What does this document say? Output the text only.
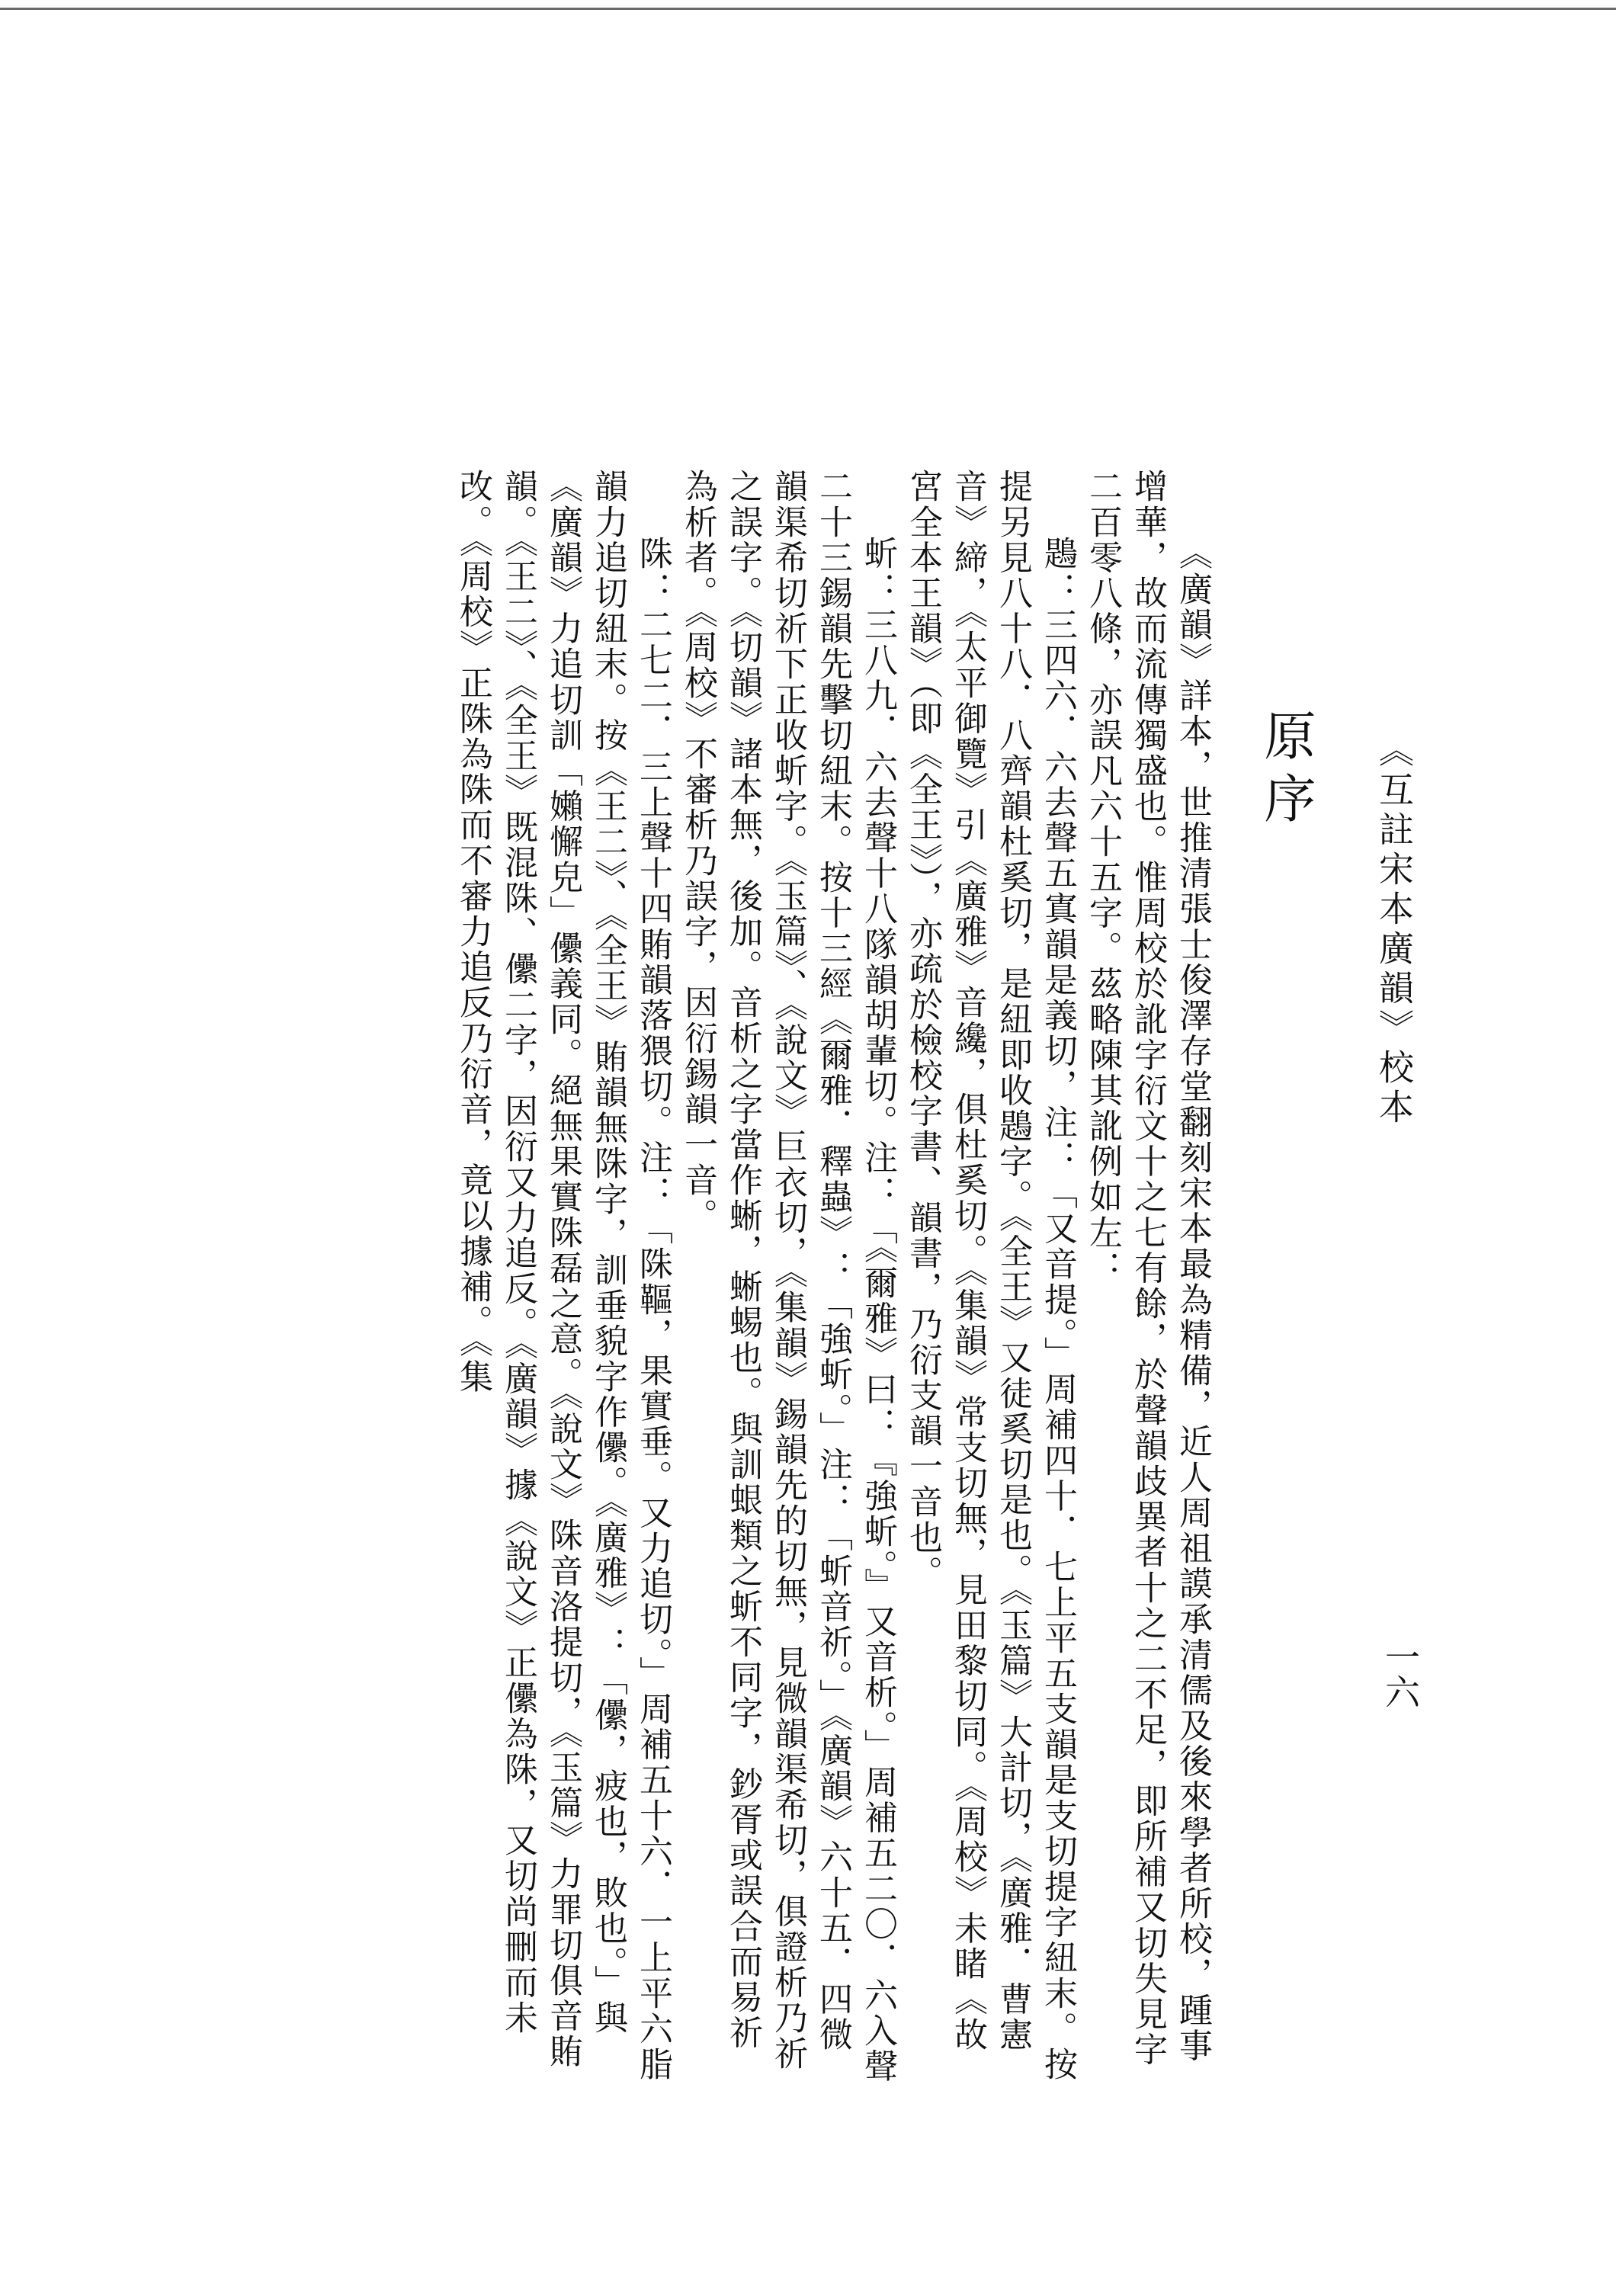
《互註宋本廣韻》校本
一六
原序

《廣韻》詳本，世推清張士俊澤存堂翻刻宋本最為精備，近人周祖謨承清儒及後來學者所校，踵事增華，故而流傳獨盛也。惟周校於訛字衍文十之七有餘，於聲韻歧異者十之二不足，即所補又切失見字二百零八條，亦誤凡六十五字。茲略陳其訛例如左：

鶗：三四六．六去聲五寘韻是義切，注：「又音提。」周補四十．七上平五支韻是支切提字紐末。按提另見八十八．八齊韻杜奚切，是紐即收鶗字。《全王》又徒奚切是也。《玉篇》大計切，《廣雅．曹憲音》締，《太平御覽》引《廣雅》音纔，俱杜奚切。《集韻》常支切無，見田黎切同。《周校》未睹《故宮全本王韻》（即《全王》），亦疏於檢校字書、韻書，乃衍支韻一音也。

蚚：三八九．六去聲十八隊韻胡輩切。注：「《爾雅》曰：『強蚚。』又音析。」周補五二〇．六入聲二十三錫韻先擊切紐末。按十三經《爾雅．釋蟲》：「強蚚。」注：「蚚音祈。」《廣韻》六十五．四微韻渠希切祈下正收蚚字。《玉篇》、《說文》巨衣切，《集韻》錫韻先的切無，見微韻渠希切，俱證析乃祈之誤字。《切韻》諸本無，後加。音析之字當作蜥，蜥蜴也。與訓蛝類之蚚不同字，鈔胥或誤合而易祈為析者。《周校》不審析乃誤字，因衍錫韻一音。

陎：二七二．三上聲十四賄韻落猥切。注：「陎䩽，果實垂。又力追切。」周補五十六．一上平六脂韻力追切紐末。按《王二》、《全王》賄韻無陎字，訓垂貌字作儽。《廣雅》：「儽，疲也，敗也。」與《廣韻》力追切訓「嬾懈皃」儽義同。絕無果實陎磊之意。《說文》陎音洛提切，《玉篇》力罪切俱音賄韻。《王二》、《全王》既混陎、儽二字，因衍又力追反。《廣韻》據《說文》正儽為陎，又切尚刪而未改。《周校》正陎為陎而不審力追反乃衍音，竟以據補。《集
